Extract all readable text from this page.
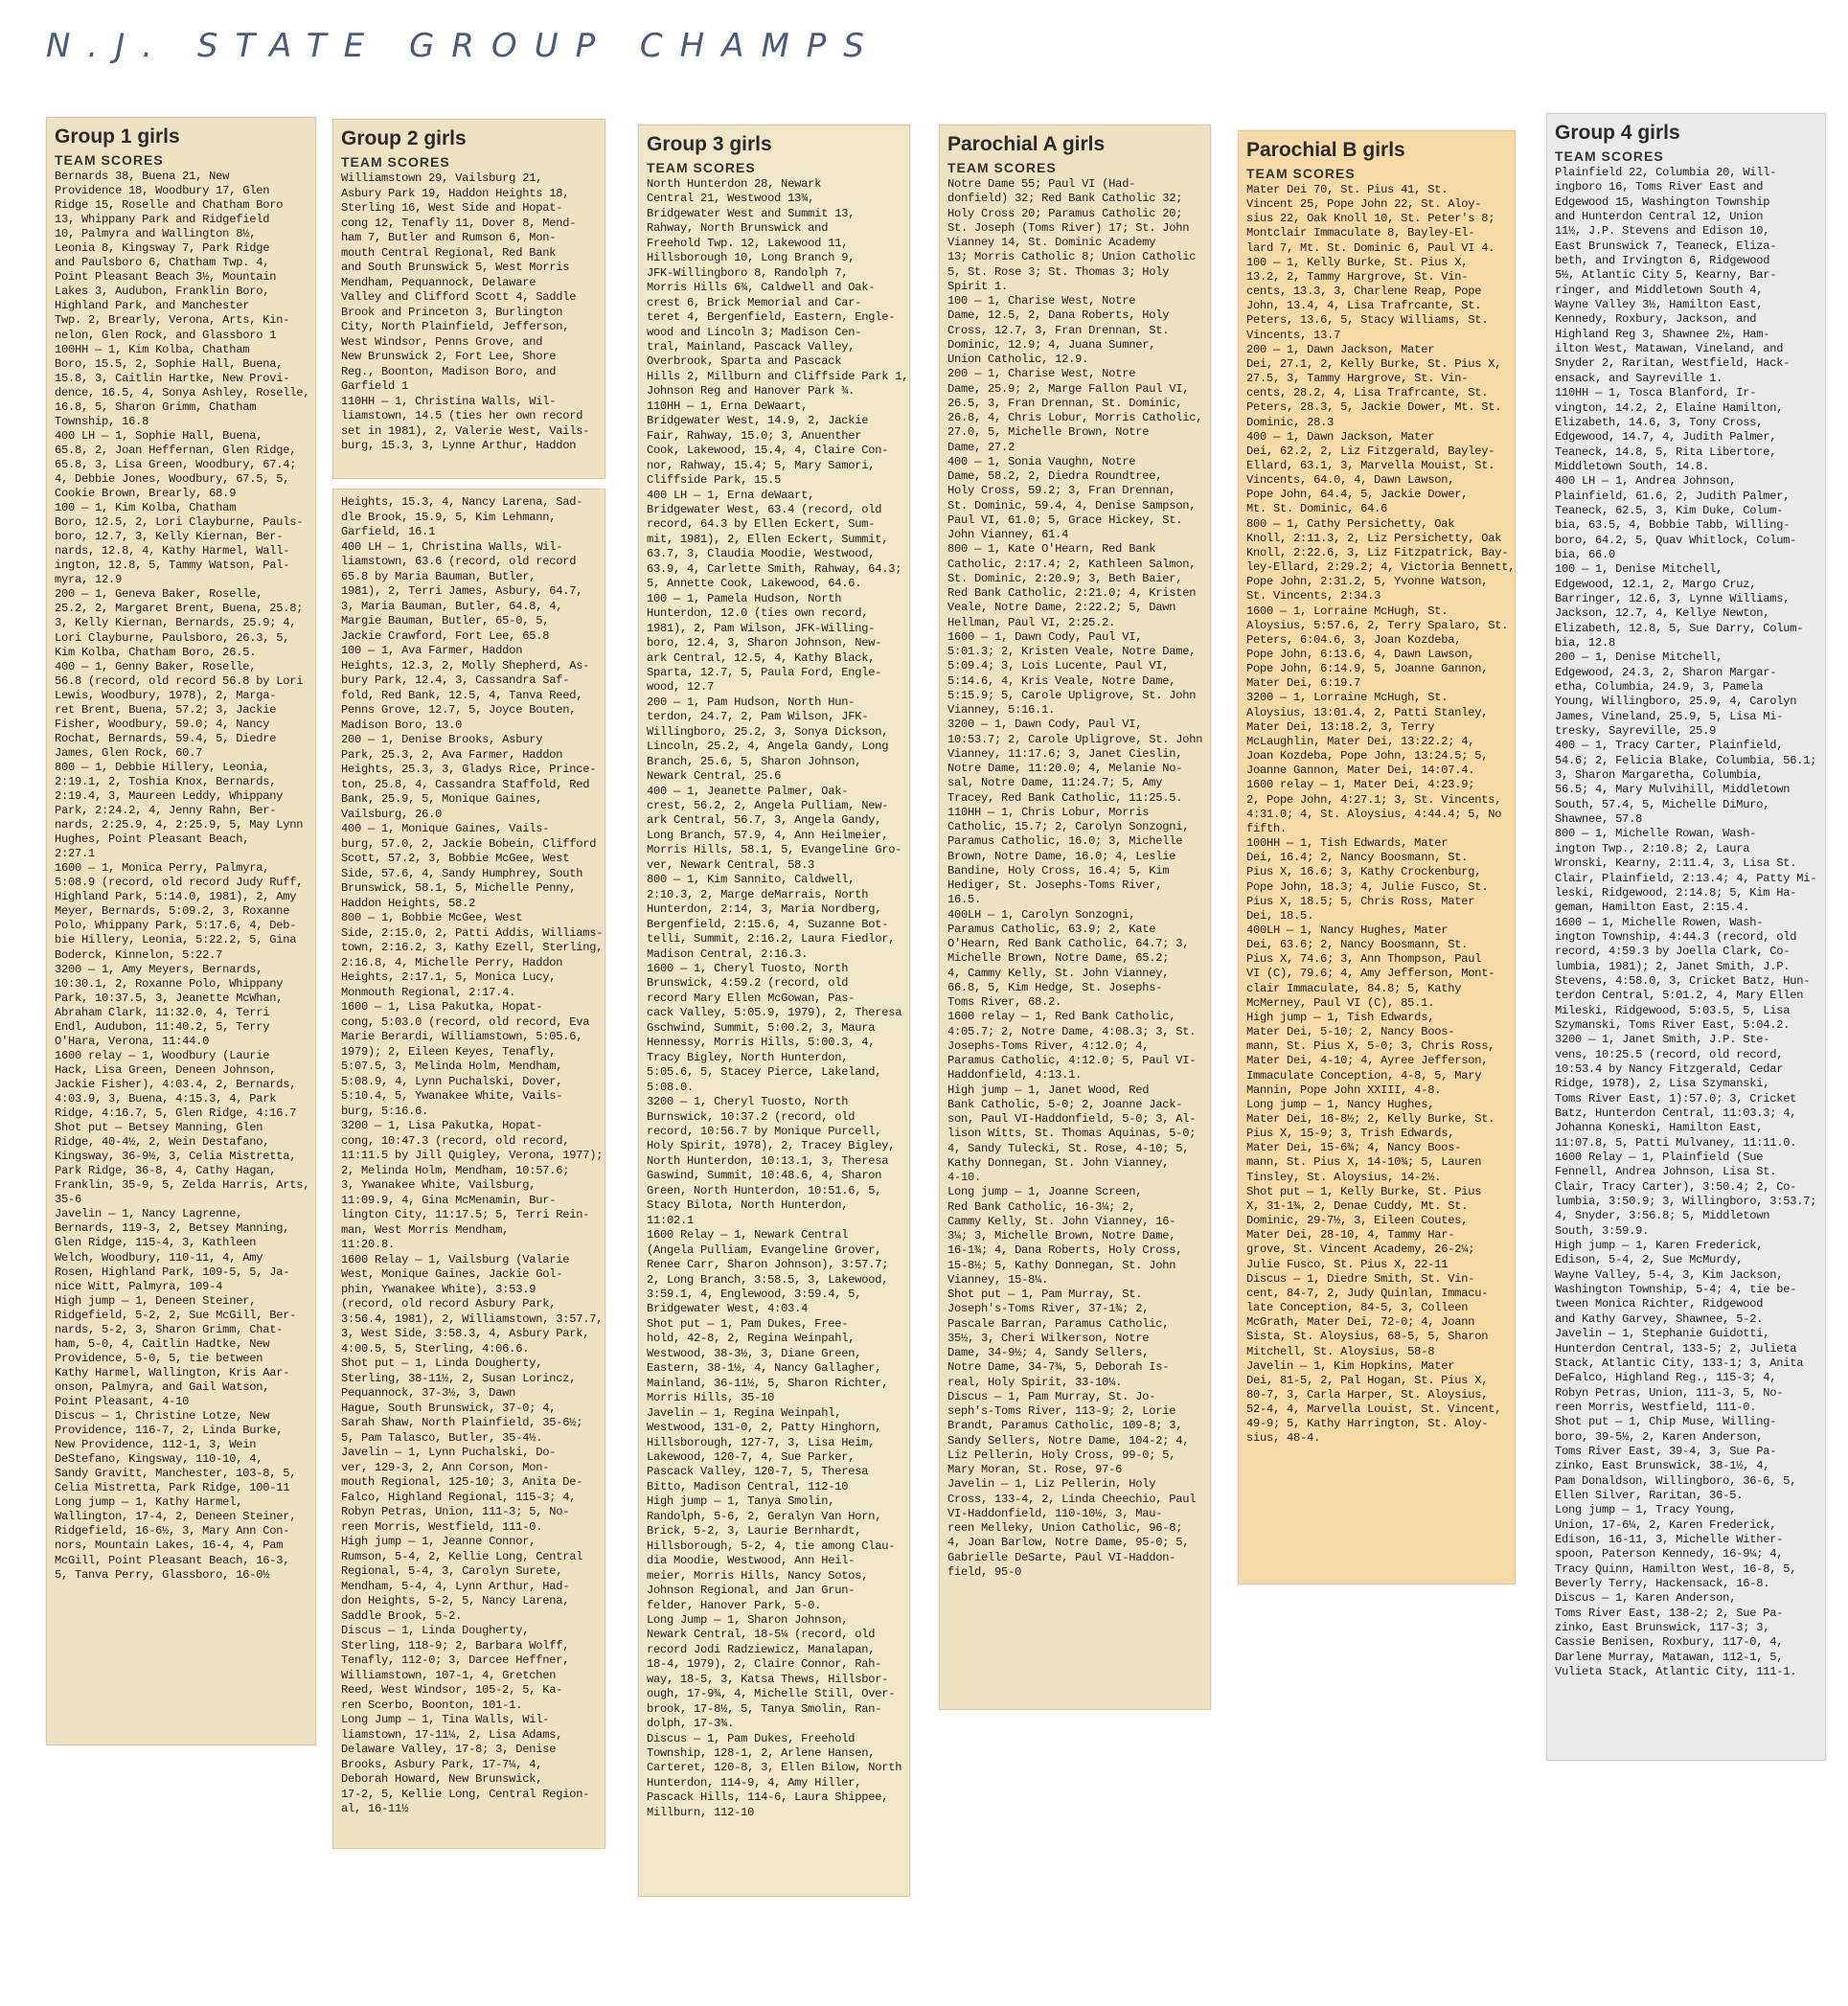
N.J. STATE GROUP CHAMPS
Group 1 girls
TEAM SCORES
Bernards 38, Buena 21, New
Providence 18, Woodbury 17, Glen
Ridge 15, Roselle and Chatham Boro
13, Whippany Park and Ridgefield
10, Palmyra and Wallington 8½,
Leonia 8, Kingsway 7, Park Ridge
and Paulsboro 6, Chatham Twp. 4,
Point Pleasant Beach 3½, Mountain
Lakes 3, Audubon, Franklin Boro,
Highland Park, and Manchester
Twp. 2, Brearly, Verona, Arts, Kin-
nelon, Glen Rock, and Glassboro 1
100HH — 1, Kim Kolba, Chatham
Boro, 15.5, 2, Sophie Hall, Buena,
15.8, 3, Caitlin Hartke, New Provi-
dence, 16.5, 4, Sonya Ashley, Roselle,
16.8, 5, Sharon Grimm, Chatham
Township, 16.8
400 LH — 1, Sophie Hall, Buena,
65.8, 2, Joan Heffernan, Glen Ridge,
65.8, 3, Lisa Green, Woodbury, 67.4;
4, Debbie Jones, Woodbury, 67.5, 5,
Cookie Brown, Brearly, 68.9
100 — 1, Kim Kolba, Chatham
Boro, 12.5, 2, Lori Clayburne, Pauls-
boro, 12.7, 3, Kelly Kiernan, Ber-
nards, 12.8, 4, Kathy Harmel, Wall-
ington, 12.8, 5, Tammy Watson, Pal-
myra, 12.9
200 — 1, Geneva Baker, Roselle,
25.2, 2, Margaret Brent, Buena, 25.8;
3, Kelly Kiernan, Bernards, 25.9; 4,
Lori Clayburne, Paulsboro, 26.3, 5,
Kim Kolba, Chatham Boro, 26.5.
400 — 1, Genny Baker, Roselle,
56.8 (record, old record 56.8 by Lori
Lewis, Woodbury, 1978), 2, Marga-
ret Brent, Buena, 57.2; 3, Jackie
Fisher, Woodbury, 59.0; 4, Nancy
Rochat, Bernards, 59.4, 5, Diedre
James, Glen Rock, 60.7
800 — 1, Debbie Hillery, Leonia,
2:19.1, 2, Toshia Knox, Bernards,
2:19.4, 3, Maureen Leddy, Whippany
Park, 2:24.2, 4, Jenny Rahn, Ber-
nards, 2:25.9, 4, 2:25.9, 5, May Lynn
Hughes, Point Pleasant Beach,
2:27.1
1600 — 1, Monica Perry, Palmyra,
5:08.9 (record, old record Judy Ruff,
Highland Park, 5:14.0, 1981), 2, Amy
Meyer, Bernards, 5:09.2, 3, Roxanne
Polo, Whippany Park, 5:17.6, 4, Deb-
bie Hillery, Leonia, 5:22.2, 5, Gina
Boderck, Kinnelon, 5:22.7
3200 — 1, Amy Meyers, Bernards,
10:30.1, 2, Roxanne Polo, Whippany
Park, 10:37.5, 3, Jeanette McWhan,
Abraham Clark, 11:32.0, 4, Terri
Endl, Audubon, 11:40.2, 5, Terry
O'Hara, Verona, 11:44.0
1600 relay — 1, Woodbury (Laurie
Hack, Lisa Green, Deneen Johnson,
Jackie Fisher), 4:03.4, 2, Bernards,
4:03.9, 3, Buena, 4:15.3, 4, Park
Ridge, 4:16.7, 5, Glen Ridge, 4:16.7
Shot put — Betsey Manning, Glen
Ridge, 40-4½, 2, Wein Destafano,
Kingsway, 36-9½, 3, Celia Mistretta,
Park Ridge, 36-8, 4, Cathy Hagan,
Franklin, 35-9, 5, Zelda Harris, Arts,
35-6
Javelin — 1, Nancy Lagrenne,
Bernards, 119-3, 2, Betsey Manning,
Glen Ridge, 115-4, 3, Kathleen
Welch, Woodbury, 110-11, 4, Amy
Rosen, Highland Park, 109-5, 5, Ja-
nice Witt, Palmyra, 109-4
High jump — 1, Deneen Steiner,
Ridgefield, 5-2, 2, Sue McGill, Ber-
nards, 5-2, 3, Sharon Grimm, Chat-
ham, 5-0, 4, Caitlin Hadtke, New
Providence, 5-0, 5, tie between
Kathy Harmel, Wallington, Kris Aar-
onson, Palmyra, and Gail Watson,
Point Pleasant, 4-10
Discus — 1, Christine Lotze, New
Providence, 116-7, 2, Linda Burke,
New Providence, 112-1, 3, Wein
DeStefano, Kingsway, 110-10, 4,
Sandy Gravitt, Manchester, 103-8, 5,
Celia Mistretta, Park Ridge, 100-11
Long jump — 1, Kathy Harmel,
Wallington, 17-4, 2, Deneen Steiner,
Ridgefield, 16-6½, 3, Mary Ann Con-
nors, Mountain Lakes, 16-4, 4, Pam
McGill, Point Pleasant Beach, 16-3,
5, Tanva Perry, Glassboro, 16-0½
Group 2 girls
TEAM SCORES
Williamstown 29, Vailsburg 21,
Asbury Park 19, Haddon Heights 18,
Sterling 16, West Side and Hopat-
cong 12, Tenafly 11, Dover 8, Mend-
ham 7, Butler and Rumson 6, Mon-
mouth Central Regional, Red Bank
and South Brunswick 5, West Morris
Mendham, Pequannock, Delaware
Valley and Clifford Scott 4, Saddle
Brook and Princeton 3, Burlington
City, North Plainfield, Jefferson,
West Windsor, Penns Grove, and
New Brunswick 2, Fort Lee, Shore
Reg., Boonton, Madison Boro, and
Garfield 1
110HH — 1, Christina Walls, Wil-
liamstown, 14.5 (ties her own record
set in 1981), 2, Valerie West, Vails-
burg, 15.3, 3, Lynne Arthur, Haddon
Heights, 15.3, 4, Nancy Larena, Sad-
dle Brook, 15.9, 5, Kim Lehmann,
Garfield, 16.1
400 LH — 1, Christina Walls, Wil-
liamstown, 63.6 (record, old record
65.8 by Maria Bauman, Butler,
1981), 2, Terri James, Asbury, 64.7,
3, Maria Bauman, Butler, 64.8, 4,
Margie Bauman, Butler, 65-0, 5,
Jackie Crawford, Fort Lee, 65.8
100 — 1, Ava Farmer, Haddon
Heights, 12.3, 2, Molly Shepherd, As-
bury Park, 12.4, 3, Cassandra Saf-
fold, Red Bank, 12.5, 4, Tanva Reed,
Penns Grove, 12.7, 5, Joyce Bouten,
Madison Boro, 13.0
200 — 1, Denise Brooks, Asbury
Park, 25.3, 2, Ava Farmer, Haddon
Heights, 25.3, 3, Gladys Rice, Prince-
ton, 25.8, 4, Cassandra Staffold, Red
Bank, 25.9, 5, Monique Gaines,
Vailsburg, 26.0
400 — 1, Monique Gaines, Vails-
burg, 57.0, 2, Jackie Bobein, Clifford
Scott, 57.2, 3, Bobbie McGee, West
Side, 57.6, 4, Sandy Humphrey, South
Brunswick, 58.1, 5, Michelle Penny,
Haddon Heights, 58.2
800 — 1, Bobbie McGee, West
Side, 2:15.0, 2, Patti Addis, Williams-
town, 2:16.2, 3, Kathy Ezell, Sterling,
2:16.8, 4, Michelle Perry, Haddon
Heights, 2:17.1, 5, Monica Lucy,
Monmouth Regional, 2:17.4.
1600 — 1, Lisa Pakutka, Hopat-
cong, 5:03.0 (record, old record, Eva
Marie Berardi, Williamstown, 5:05.6,
1979); 2, Eileen Keyes, Tenafly,
5:07.5, 3, Melinda Holm, Mendham,
5:08.9, 4, Lynn Puchalski, Dover,
5:10.4, 5, Ywanakee White, Vails-
burg, 5:16.6.
3200 — 1, Lisa Pakutka, Hopat-
cong, 10:47.3 (record, old record,
11:11.5 by Jill Quigley, Verona, 1977);
2, Melinda Holm, Mendham, 10:57.6;
3, Ywanakee White, Vailsburg,
11:09.9, 4, Gina McMenamin, Bur-
lington City, 11:17.5; 5, Terri Rein-
man, West Morris Mendham,
11:20.8.
1600 Relay — 1, Vailsburg (Valarie
West, Monique Gaines, Jackie Gol-
phin, Ywanakee White), 3:53.9
(record, old record Asbury Park,
3:56.4, 1981), 2, Williamstown, 3:57.7,
3, West Side, 3:58.3, 4, Asbury Park,
4:00.5, 5, Sterling, 4:06.6.
Shot put — 1, Linda Dougherty,
Sterling, 38-11½, 2, Susan Lorincz,
Pequannock, 37-3½, 3, Dawn
Hague, South Brunswick, 37-0; 4,
Sarah Shaw, North Plainfield, 35-6½;
5, Pam Talasco, Butler, 35-4½.
Javelin — 1, Lynn Puchalski, Do-
ver, 129-3, 2, Ann Corson, Mon-
mouth Regional, 125-10; 3, Anita De-
Falco, Highland Regional, 115-3; 4,
Robyn Petras, Union, 111-3; 5, No-
reen Morris, Westfield, 111-0.
High jump — 1, Jeanne Connor,
Rumson, 5-4, 2, Kellie Long, Central
Regional, 5-4, 3, Carolyn Surete,
Mendham, 5-4, 4, Lynn Arthur, Had-
don Heights, 5-2, 5, Nancy Larena,
Saddle Brook, 5-2.
Discus — 1, Linda Dougherty,
Sterling, 118-9; 2, Barbara Wolff,
Tenafly, 112-0; 3, Darcee Heffner,
Williamstown, 107-1, 4, Gretchen
Reed, West Windsor, 105-2, 5, Ka-
ren Scerbo, Boonton, 101-1.
Long Jump — 1, Tina Walls, Wil-
liamstown, 17-11¼, 2, Lisa Adams,
Delaware Valley, 17-8; 3, Denise
Brooks, Asbury Park, 17-7¼, 4,
Deborah Howard, New Brunswick,
17-2, 5, Kellie Long, Central Region-
al, 16-11½
Group 3 girls
TEAM SCORES
North Hunterdon 28, Newark
Central 21, Westwood 13¾,
Bridgewater West and Summit 13,
Rahway, North Brunswick and
Freehold Twp. 12, Lakewood 11,
Hillsborough 10, Long Branch 9,
JFK-Willingboro 8, Randolph 7,
Morris Hills 6¾, Caldwell and Oak-
crest 6, Brick Memorial and Car-
teret 4, Bergenfield, Eastern, Engle-
wood and Lincoln 3; Madison Cen-
tral, Mainland, Pascack Valley,
Overbrook, Sparta and Pascack
Hills 2, Millburn and Cliffside Park 1,
Johnson Reg and Hanover Park ¾.
110HH — 1, Erna DeWaart,
Bridgewater West, 14.9, 2, Jackie
Fair, Rahway, 15.0; 3, Anuenther
Cook, Lakewood, 15.4, 4, Claire Con-
nor, Rahway, 15.4; 5, Mary Samori,
Cliffside Park, 15.5
400 LH — 1, Erna deWaart,
Bridgewater West, 63.4 (record, old
record, 64.3 by Ellen Eckert, Sum-
mit, 1981), 2, Ellen Eckert, Summit,
63.7, 3, Claudia Moodie, Westwood,
63.9, 4, Carlette Smith, Rahway, 64.3;
5, Annette Cook, Lakewood, 64.6.
100 — 1, Pamela Hudson, North
Hunterdon, 12.0 (ties own record,
1981), 2, Pam Wilson, JFK-Willing-
boro, 12.4, 3, Sharon Johnson, New-
ark Central, 12.5, 4, Kathy Black,
Sparta, 12.7, 5, Paula Ford, Engle-
wood, 12.7
200 — 1, Pam Hudson, North Hun-
terdon, 24.7, 2, Pam Wilson, JFK-
Willingboro, 25.2, 3, Sonya Dickson,
Lincoln, 25.2, 4, Angela Gandy, Long
Branch, 25.6, 5, Sharon Johnson,
Newark Central, 25.6
400 — 1, Jeanette Palmer, Oak-
crest, 56.2, 2, Angela Pulliam, New-
ark Central, 56.7, 3, Angela Gandy,
Long Branch, 57.9, 4, Ann Heilmeier,
Morris Hills, 58.1, 5, Evangeline Gro-
ver, Newark Central, 58.3
800 — 1, Kim Sannito, Caldwell,
2:10.3, 2, Marge deMarrais, North
Hunterdon, 2:14, 3, Maria Nordberg,
Bergenfield, 2:15.6, 4, Suzanne Bot-
telli, Summit, 2:16.2, Laura Fiedlor,
Madison Central, 2:16.3.
1600 — 1, Cheryl Tuosto, North
Brunswick, 4:59.2 (record, old
record Mary Ellen McGowan, Pas-
cack Valley, 5:05.9, 1979), 2, Theresa
Gschwind, Summit, 5:00.2, 3, Maura
Hennessy, Morris Hills, 5:00.3, 4,
Tracy Bigley, North Hunterdon,
5:05.6, 5, Stacey Pierce, Lakeland,
5:08.0.
3200 — 1, Cheryl Tuosto, North
Burnswick, 10:37.2 (record, old
record, 10:56.7 by Monique Purcell,
Holy Spirit, 1978), 2, Tracey Bigley,
North Hunterdon, 10:13.1, 3, Theresa
Gaswind, Summit, 10:48.6, 4, Sharon
Green, North Hunterdon, 10:51.6, 5,
Stacy Bilota, North Hunterdon,
11:02.1
1600 Relay — 1, Newark Central
(Angela Pulliam, Evangeline Grover,
Renee Carr, Sharon Johnson), 3:57.7;
2, Long Branch, 3:58.5, 3, Lakewood,
3:59.1, 4, Englewood, 3:59.4, 5,
Bridgewater West, 4:03.4
Shot put — 1, Pam Dukes, Free-
hold, 42-8, 2, Regina Weinpahl,
Westwood, 38-3½, 3, Diane Green,
Eastern, 38-1½, 4, Nancy Gallagher,
Mainland, 36-11½, 5, Sharon Richter,
Morris Hills, 35-10
Javelin — 1, Regina Weinpahl,
Westwood, 131-0, 2, Patty Hinghorn,
Hillsborough, 127-7, 3, Lisa Heim,
Lakewood, 120-7, 4, Sue Parker,
Pascack Valley, 120-7, 5, Theresa
Bitto, Madison Central, 112-10
High jump — 1, Tanya Smolin,
Randolph, 5-6, 2, Geralyn Van Horn,
Brick, 5-2, 3, Laurie Bernhardt,
Hillsborough, 5-2, 4, tie among Clau-
dia Moodie, Westwood, Ann Heil-
meier, Morris Hills, Nancy Sotos,
Johnson Regional, and Jan Grun-
felder, Hanover Park, 5-0.
Long Jump — 1, Sharon Johnson,
Newark Central, 18-5¼ (record, old
record Jodi Radziewicz, Manalapan,
18-4, 1979), 2, Claire Connor, Rah-
way, 18-5, 3, Katsa Thews, Hillsbor-
ough, 17-9¾, 4, Michelle Still, Over-
brook, 17-8½, 5, Tanya Smolin, Ran-
dolph, 17-3¾.
Discus — 1, Pam Dukes, Freehold
Township, 128-1, 2, Arlene Hansen,
Carteret, 120-8, 3, Ellen Bilow, North
Hunterdon, 114-9, 4, Amy Hiller,
Pascack Hills, 114-6, Laura Shippee,
Millburn, 112-10
Parochial A girls
TEAM SCORES
Notre Dame 55; Paul VI (Had-
donfield) 32; Red Bank Catholic 32;
Holy Cross 20; Paramus Catholic 20;
St. Joseph (Toms River) 17; St. John
Vianney 14, St. Dominic Academy
13; Morris Catholic 8; Union Catholic
5, St. Rose 3; St. Thomas 3; Holy
Spirit 1.
100 — 1, Charise West, Notre
Dame, 12.5, 2, Dana Roberts, Holy
Cross, 12.7, 3, Fran Drennan, St.
Dominic, 12.9; 4, Juana Sumner,
Union Catholic, 12.9.
200 — 1, Charise West, Notre
Dame, 25.9; 2, Marge Fallon Paul VI,
26.5, 3, Fran Drennan, St. Dominic,
26.8, 4, Chris Lobur, Morris Catholic,
27.0, 5, Michelle Brown, Notre
Dame, 27.2
400 — 1, Sonia Vaughn, Notre
Dame, 58.2, 2, Diedra Roundtree,
Holy Cross, 59.2; 3, Fran Drennan,
St. Dominic, 59.4, 4, Denise Sampson,
Paul VI, 61.0; 5, Grace Hickey, St.
John Vianney, 61.4
800 — 1, Kate O'Hearn, Red Bank
Catholic, 2:17.4; 2, Kathleen Salmon,
St. Dominic, 2:20.9; 3, Beth Baier,
Red Bank Catholic, 2:21.0; 4, Kristen
Veale, Notre Dame, 2:22.2; 5, Dawn
Hellman, Paul VI, 2:25.2.
1600 — 1, Dawn Cody, Paul VI,
5:01.3; 2, Kristen Veale, Notre Dame,
5:09.4; 3, Lois Lucente, Paul VI,
5:14.6, 4, Kris Veale, Notre Dame,
5:15.9; 5, Carole Upligrove, St. John
Vianney, 5:16.1.
3200 — 1, Dawn Cody, Paul VI,
10:53.7; 2, Carole Upligrove, St. John
Vianney, 11:17.6; 3, Janet Cieslin,
Notre Dame, 11:20.0; 4, Melanie No-
sal, Notre Dame, 11:24.7; 5, Amy
Tracey, Red Bank Catholic, 11:25.5.
110HH — 1, Chris Lobur, Morris
Catholic, 15.7; 2, Carolyn Sonzogni,
Paramus Catholic, 16.0; 3, Michelle
Brown, Notre Dame, 16.0; 4, Leslie
Bandine, Holy Cross, 16.4; 5, Kim
Hediger, St. Josephs-Toms River,
16.5.
400LH — 1, Carolyn Sonzogni,
Paramus Catholic, 63.9; 2, Kate
O'Hearn, Red Bank Catholic, 64.7; 3,
Michelle Brown, Notre Dame, 65.2;
4, Cammy Kelly, St. John Vianney,
66.8, 5, Kim Hedge, St. Josephs-
Toms River, 68.2.
1600 relay — 1, Red Bank Catholic,
4:05.7; 2, Notre Dame, 4:08.3; 3, St.
Josephs-Toms River, 4:12.0; 4,
Paramus Catholic, 4:12.0; 5, Paul VI-
Haddonfield, 4:13.1.
High jump — 1, Janet Wood, Red
Bank Catholic, 5-0; 2, Joanne Jack-
son, Paul VI-Haddonfield, 5-0; 3, Al-
lison Witts, St. Thomas Aquinas, 5-0;
4, Sandy Tulecki, St. Rose, 4-10; 5,
Kathy Donnegan, St. John Vianney,
4-10.
Long jump — 1, Joanne Screen,
Red Bank Catholic, 16-3¼; 2,
Cammy Kelly, St. John Vianney, 16-
3¼; 3, Michelle Brown, Notre Dame,
16-1¾; 4, Dana Roberts, Holy Cross,
15-8½; 5, Kathy Donnegan, St. John
Vianney, 15-8¼.
Shot put — 1, Pam Murray, St.
Joseph's-Toms River, 37-1¾; 2,
Pascale Barran, Paramus Catholic,
35½, 3, Cheri Wilkerson, Notre
Dame, 34-9½; 4, Sandy Sellers,
Notre Dame, 34-7¾, 5, Deborah Is-
real, Holy Spirit, 33-10¼.
Discus — 1, Pam Murray, St. Jo-
seph's-Toms River, 113-9; 2, Lorie
Brandt, Paramus Catholic, 109-8; 3,
Sandy Sellers, Notre Dame, 104-2; 4,
Liz Pellerin, Holy Cross, 99-0; 5,
Mary Moran, St. Rose, 97-6
Javelin — 1, Liz Pellerin, Holy
Cross, 133-4, 2, Linda Cheechio, Paul
VI-Haddonfield, 110-10½, 3, Mau-
reen Melleky, Union Catholic, 96-8;
4, Joan Barlow, Notre Dame, 95-0; 5,
Gabrielle DeSarte, Paul VI-Haddon-
field, 95-0
Parochial B girls
TEAM SCORES
Mater Dei 70, St. Pius 41, St.
Vincent 25, Pope John 22, St. Aloy-
sius 22, Oak Knoll 10, St. Peter's 8;
Montclair Immaculate 8, Bayley-El-
lard 7, Mt. St. Dominic 6, Paul VI 4.
100 — 1, Kelly Burke, St. Pius X,
13.2, 2, Tammy Hargrove, St. Vin-
cents, 13.3, 3, Charlene Reap, Pope
John, 13.4, 4, Lisa Trafrcante, St.
Peters, 13.6, 5, Stacy Williams, St.
Vincents, 13.7
200 — 1, Dawn Jackson, Mater
Dei, 27.1, 2, Kelly Burke, St. Pius X,
27.5, 3, Tammy Hargrove, St. Vin-
cents, 28.2, 4, Lisa Trafrcante, St.
Peters, 28.3, 5, Jackie Dower, Mt. St.
Dominic, 28.3
400 — 1, Dawn Jackson, Mater
Dei, 62.2, 2, Liz Fitzgerald, Bayley-
Ellard, 63.1, 3, Marvella Mouist, St.
Vincents, 64.0, 4, Dawn Lawson,
Pope John, 64.4, 5, Jackie Dower,
Mt. St. Dominic, 64.6
800 — 1, Cathy Persichetty, Oak
Knoll, 2:11.3, 2, Liz Persichetty, Oak
Knoll, 2:22.6, 3, Liz Fitzpatrick, Bay-
ley-Ellard, 2:29.2; 4, Victoria Bennett,
Pope John, 2:31.2, 5, Yvonne Watson,
St. Vincents, 2:34.3
1600 — 1, Lorraine McHugh, St.
Aloysius, 5:57.6, 2, Terry Spalaro, St.
Peters, 6:04.6, 3, Joan Kozdeba,
Pope John, 6:13.6, 4, Dawn Lawson,
Pope John, 6:14.9, 5, Joanne Gannon,
Mater Dei, 6:19.7
3200 — 1, Lorraine McHugh, St.
Aloysius, 13:01.4, 2, Patti Stanley,
Mater Dei, 13:18.2, 3, Terry
McLaughlin, Mater Dei, 13:22.2; 4,
Joan Kozdeba, Pope John, 13:24.5; 5,
Joanne Gannon, Mater Dei, 14:07.4.
1600 relay — 1, Mater Dei, 4:23.9;
2, Pope John, 4:27.1; 3, St. Vincents,
4:31.0; 4, St. Aloysius, 4:44.4; 5, No
fifth.
100HH — 1, Tish Edwards, Mater
Dei, 16.4; 2, Nancy Boosmann, St.
Pius X, 16.6; 3, Kathy Crockenburg,
Pope John, 18.3; 4, Julie Fusco, St.
Pius X, 18.5; 5, Chris Ross, Mater
Dei, 18.5.
400LH — 1, Nancy Hughes, Mater
Dei, 63.6; 2, Nancy Boosmann, St.
Pius X, 74.6; 3, Ann Thompson, Paul
VI (C), 79.6; 4, Amy Jefferson, Mont-
clair Immaculate, 84.8; 5, Kathy
McMerney, Paul VI (C), 85.1.
High jump — 1, Tish Edwards,
Mater Dei, 5-10; 2, Nancy Boos-
mann, St. Pius X, 5-0; 3, Chris Ross,
Mater Dei, 4-10; 4, Ayree Jefferson,
Immaculate Conception, 4-8, 5, Mary
Mannin, Pope John XXIII, 4-8.
Long jump — 1, Nancy Hughes,
Mater Dei, 16-8½; 2, Kelly Burke, St.
Pius X, 15-9; 3, Trish Edwards,
Mater Dei, 15-6¾; 4, Nancy Boos-
mann, St. Pius X, 14-10¾; 5, Lauren
Tinsley, St. Aloysius, 14-2½.
Shot put — 1, Kelly Burke, St. Pius
X, 31-1¾, 2, Denae Cuddy, Mt. St.
Dominic, 29-7½, 3, Eileen Coutes,
Mater Dei, 28-10, 4, Tammy Har-
grove, St. Vincent Academy, 26-2¼;
Julie Fusco, St. Pius X, 22-11
Discus — 1, Diedre Smith, St. Vin-
cent, 84-7, 2, Judy Quinlan, Immacu-
late Conception, 84-5, 3, Colleen
McGrath, Mater Dei, 72-0; 4, Joann
Sista, St. Aloysius, 68-5, 5, Sharon
Mitchell, St. Aloysius, 58-8
Javelin — 1, Kim Hopkins, Mater
Dei, 81-5, 2, Pal Hogan, St. Pius X,
80-7, 3, Carla Harper, St. Aloysius,
52-4, 4, Marvella Louist, St. Vincent,
49-9; 5, Kathy Harrington, St. Aloy-
sius, 48-4.
Group 4 girls
TEAM SCORES
Plainfield 22, Columbia 20, Will-
ingboro 16, Toms River East and
Edgewood 15, Washington Township
and Hunterdon Central 12, Union
11½, J.P. Stevens and Edison 10,
East Brunswick 7, Teaneck, Eliza-
beth, and Irvington 6, Ridgewood
5½, Atlantic City 5, Kearny, Bar-
ringer, and Middletown South 4,
Wayne Valley 3½, Hamilton East,
Kennedy, Roxbury, Jackson, and
Highland Reg 3, Shawnee 2½, Ham-
ilton West, Matawan, Vineland, and
Snyder 2, Raritan, Westfield, Hack-
ensack, and Sayreville 1.
110HH — 1, Tosca Blanford, Ir-
vington, 14.2, 2, Elaine Hamilton,
Elizabeth, 14.6, 3, Tony Cross,
Edgewood, 14.7, 4, Judith Palmer,
Teaneck, 14.8, 5, Rita Libertore,
Middletown South, 14.8.
400 LH — 1, Andrea Johnson,
Plainfield, 61.6, 2, Judith Palmer,
Teaneck, 62.5, 3, Kim Duke, Colum-
bia, 63.5, 4, Bobbie Tabb, Willing-
boro, 64.2, 5, Quav Whitlock, Colum-
bia, 66.0
100 — 1, Denise Mitchell,
Edgewood, 12.1, 2, Margo Cruz,
Barringer, 12.6, 3, Lynne Williams,
Jackson, 12.7, 4, Kellye Newton,
Elizabeth, 12.8, 5, Sue Darry, Colum-
bia, 12.8
200 — 1, Denise Mitchell,
Edgewood, 24.3, 2, Sharon Margar-
etha, Columbia, 24.9, 3, Pamela
Young, Willingboro, 25.9, 4, Carolyn
James, Vineland, 25.9, 5, Lisa Mi-
tresky, Sayreville, 25.9
400 — 1, Tracy Carter, Plainfield,
54.6; 2, Felicia Blake, Columbia, 56.1;
3, Sharon Margaretha, Columbia,
56.5; 4, Mary Mulvihill, Middletown
South, 57.4, 5, Michelle DiMuro,
Shawnee, 57.8
800 — 1, Michelle Rowan, Wash-
ington Twp., 2:10.8; 2, Laura
Wronski, Kearny, 2:11.4, 3, Lisa St.
Clair, Plainfield, 2:13.4; 4, Patty Mi-
leski, Ridgewood, 2:14.8; 5, Kim Ha-
geman, Hamilton East, 2:15.4.
1600 — 1, Michelle Rowen, Wash-
ington Township, 4:44.3 (record, old
record, 4:59.3 by Joella Clark, Co-
lumbia, 1981); 2, Janet Smith, J.P.
Stevens, 4:58.0, 3, Cricket Batz, Hun-
terdon Central, 5:01.2, 4, Mary Ellen
Mileski, Ridgewood, 5:03.5, 5, Lisa
Szymanski, Toms River East, 5:04.2.
3200 — 1, Janet Smith, J.P. Ste-
vens, 10:25.5 (record, old record,
10:53.4 by Nancy Fitzgerald, Cedar
Ridge, 1978), 2, Lisa Szymanski,
Toms River East, 1):57.0; 3, Cricket
Batz, Hunterdon Central, 11:03.3; 4,
Johanna Koneski, Hamilton East,
11:07.8, 5, Patti Mulvaney, 11:11.0.
1600 Relay — 1, Plainfield (Sue
Fennell, Andrea Johnson, Lisa St.
Clair, Tracy Carter), 3:50.4; 2, Co-
lumbia, 3:50.9; 3, Willingboro, 3:53.7;
4, Snyder, 3:56.8; 5, Middletown
South, 3:59.9.
High jump — 1, Karen Frederick,
Edison, 5-4, 2, Sue McMurdy,
Wayne Valley, 5-4, 3, Kim Jackson,
Washington Township, 5-4; 4, tie be-
tween Monica Richter, Ridgewood
and Kathy Garvey, Shawnee, 5-2.
Javelin — 1, Stephanie Guidotti,
Hunterdon Central, 133-5; 2, Julieta
Stack, Atlantic City, 133-1; 3, Anita
DeFalco, Highland Reg., 115-3; 4,
Robyn Petras, Union, 111-3, 5, No-
reen Morris, Westfield, 111-0.
Shot put — 1, Chip Muse, Willing-
boro, 39-5½, 2, Karen Anderson,
Toms River East, 39-4, 3, Sue Pa-
zinko, East Brunswick, 38-1½, 4,
Pam Donaldson, Willingboro, 36-6, 5,
Ellen Silver, Raritan, 36-5.
Long jump — 1, Tracy Young,
Union, 17-6¼, 2, Karen Frederick,
Edison, 16-11, 3, Michelle Wither-
spoon, Paterson Kennedy, 16-9¼; 4,
Tracy Quinn, Hamilton West, 16-8, 5,
Beverly Terry, Hackensack, 16-8.
Discus — 1, Karen Anderson,
Toms River East, 138-2; 2, Sue Pa-
zinko, East Brunswick, 117-3; 3,
Cassie Benisen, Roxbury, 117-0, 4,
Darlene Murray, Matawan, 112-1, 5,
Vulieta Stack, Atlantic City, 111-1.
